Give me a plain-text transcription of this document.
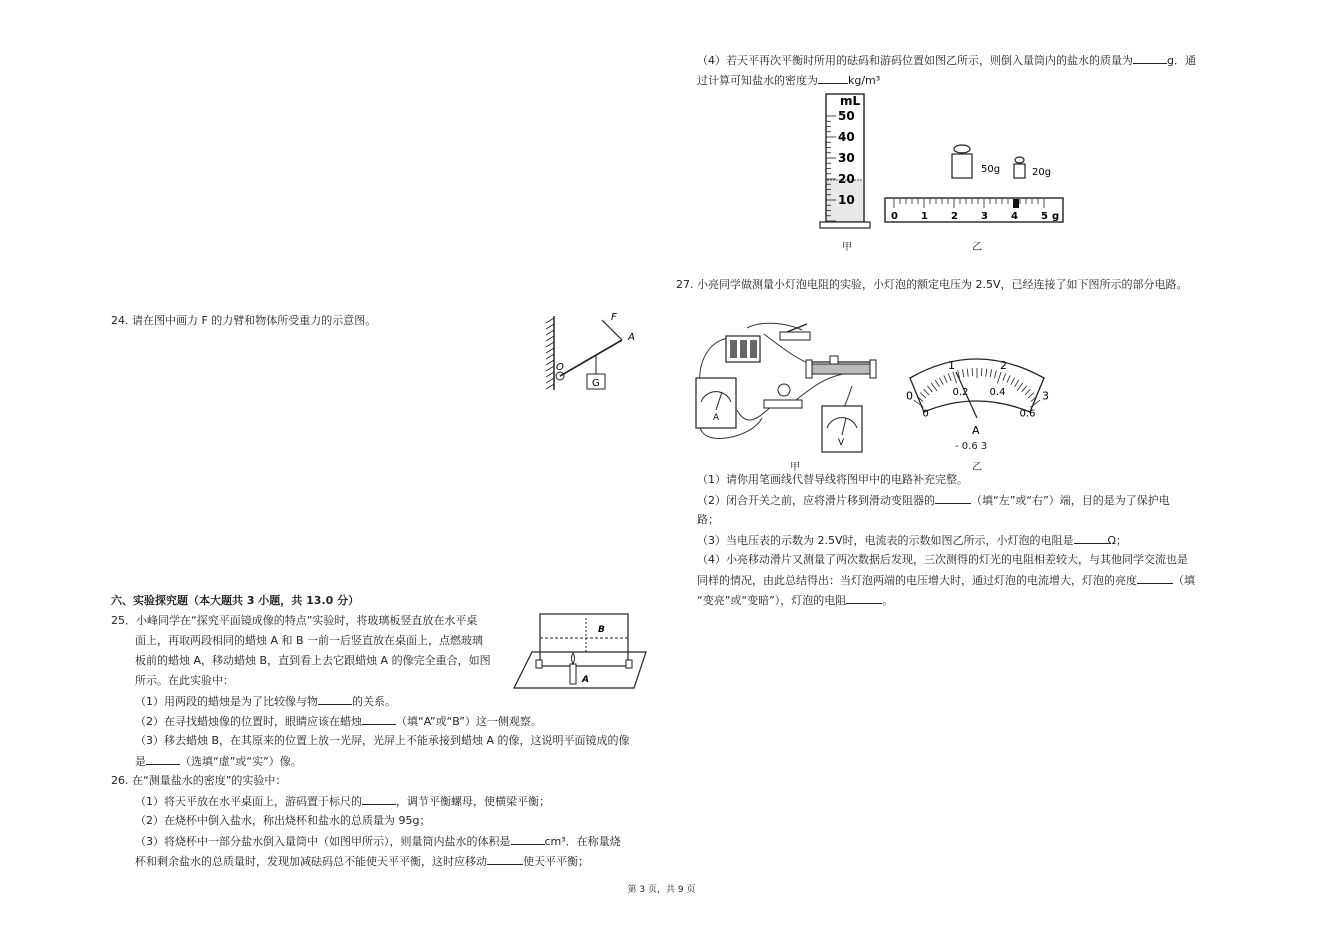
（4）若天平再次平衡时所用的砝码和游码位置如图乙所示，则倒入量筒内的盐水的质量为	g．通
过计算可知盐水的密度为	kg/m³
50
40
30
20
10
mL
甲
50g	20g
0 1 2 3 4 5 g
乙
27. 小亮同学做测量小灯泡电阻的实验，小灯泡的额定电压为 2.5V，已经连接了如下图所示的部分电路。
A
V
甲
0
1	2
3
0
0.2 0.4
0.6
A
- 0.6 3
乙
（1）请你用笔画线代替导线将图甲中的电路补充完整。
（2）闭合开关之前，应将滑片移到滑动变阻器的	（填“左”或“右”）端，目的是为了保护电
路；
（3）当电压表的示数为 2.5V时，电流表的示数如图乙所示，小灯泡的电阻是	Ω；
（4）小亮移动滑片又测量了两次数据后发现，三次测得的灯光的电阻相差较大，与其他同学交流也是
同样的情况，由此总结得出：当灯泡两端的电压增大时，通过灯泡的电流增大，灯泡的亮度	（填
“变亮”或“变暗”），灯泡的电阻	。
24. 请在图中画力 F 的力臂和物体所受重力的示意图。	F
A
O
G
六、实验探究题（本大题共 3 小题，共 13.0 分）
25．小峰同学在“探究平面镜成像的特点”实验时，将玻璃板竖直放在水平桌
面上，再取两段相同的蜡烛 A 和 B 一前一后竖直放在桌面上，点燃玻璃
板前的蜡烛 A，移动蜡烛 B，直到看上去它跟蜡烛 A 的像完全重合，如图
所示。在此实验中：
B
A
（1）用两段的蜡烛是为了比较像与物	的关系。
（2）在寻找蜡烛像的位置时，眼睛应该在蜡烛	（填“A”或“B”）这一侧观察。
（3）移去蜡烛 B，在其原来的位置上放一光屏，光屏上不能承接到蜡烛 A 的像，这说明平面镜成的像
是	（选填“虚”或“实”）像。
26. 在“测量盐水的密度”的实验中：
（1）将天平放在水平桌面上，游码置于标尺的	，调节平衡螺母，使横梁平衡；
（2）在烧杯中倒入盐水，称出烧杯和盐水的总质量为 95g；
（3）将烧杯中一部分盐水倒入量筒中（如图甲所示），则量筒内盐水的体积是	cm³．在称量烧
杯和剩余盐水的总质量时，发现加减砝码总不能使天平平衡，这时应移动	使天平平衡；
第 3 页，共 9 页
